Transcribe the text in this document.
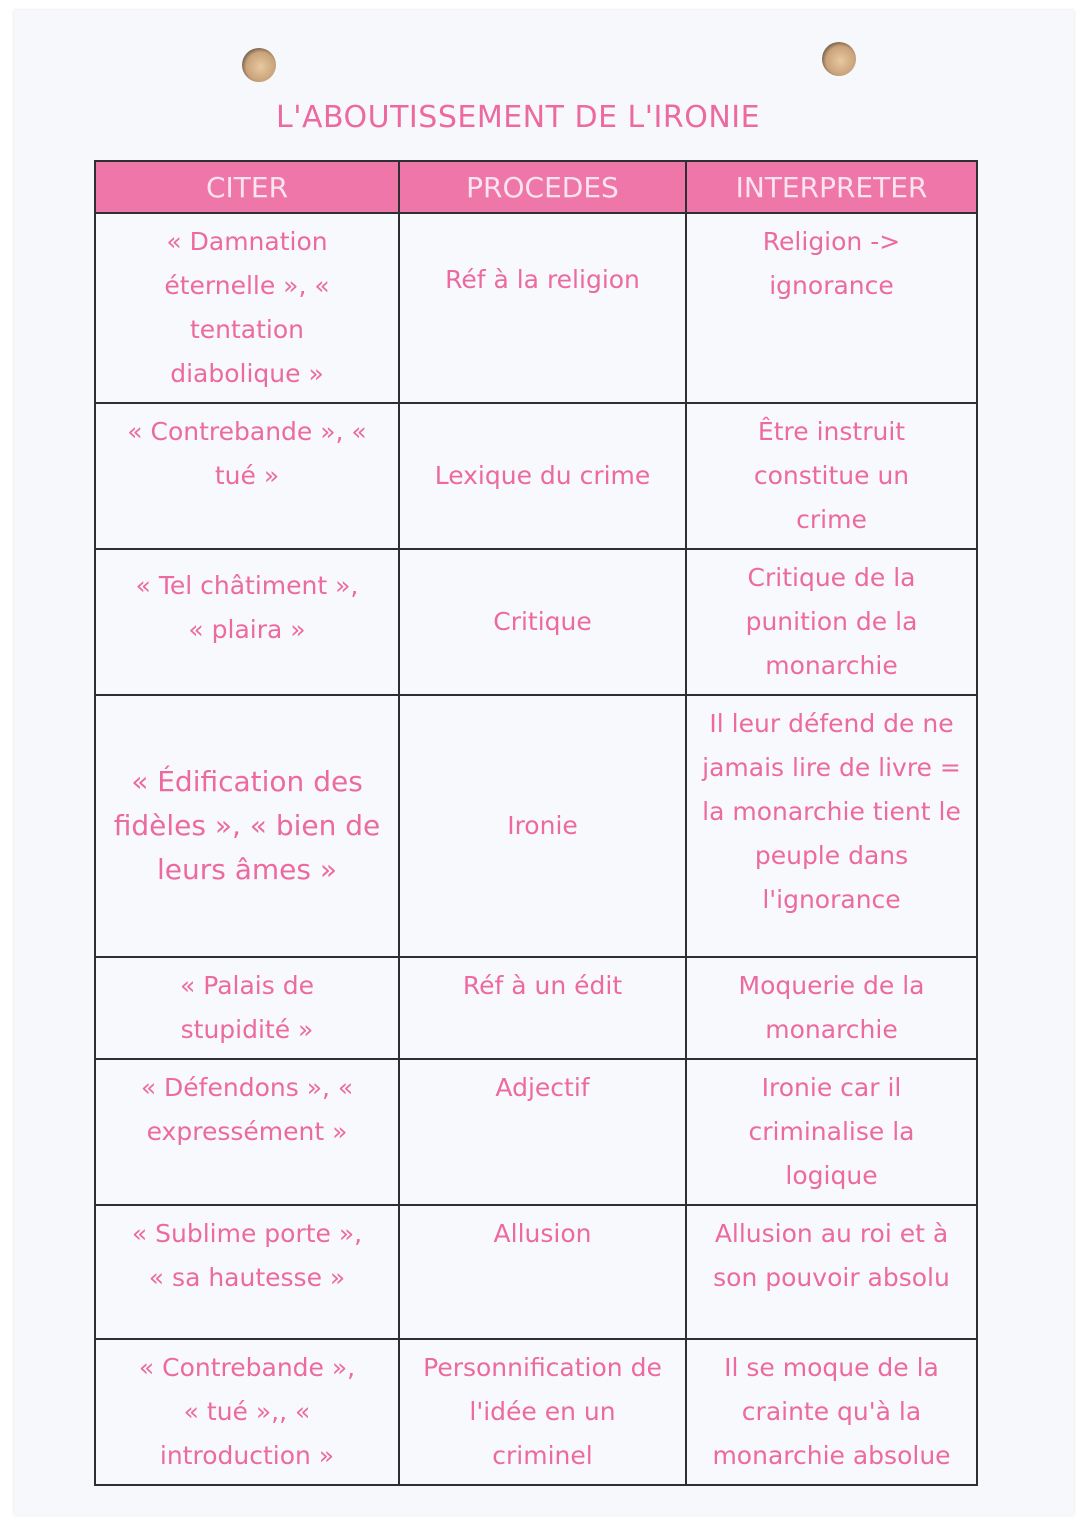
L'ABOUTISSEMENT DE L'IRONIE
CITER	PROCEDES	INTERPRETER
« Damnation éternelle », « tentation diabolique »	Réf à la religion	Religion -> ignorance
« Contrebande », « tué »	Lexique du crime	Être instruit constitue un crime
« Tel châtiment », « plaira »	Critique	Critique de la punition de la monarchie
« Édification des fidèles », « bien de leurs âmes »	Ironie	Il leur défend de ne jamais lire de livre = la monarchie tient le peuple dans l'ignorance
« Palais de stupidité »	Réf à un édit	Moquerie de la monarchie
« Défendons », « expressément »	Adjectif	Ironie car il criminalise la logique
« Sublime porte », « sa hautesse »	Allusion	Allusion au roi et à son pouvoir absolu
« Contrebande », « tué »,, « introduction »	Personnification de l'idée en un criminel	Il se moque de la crainte qu'à la monarchie absolue
